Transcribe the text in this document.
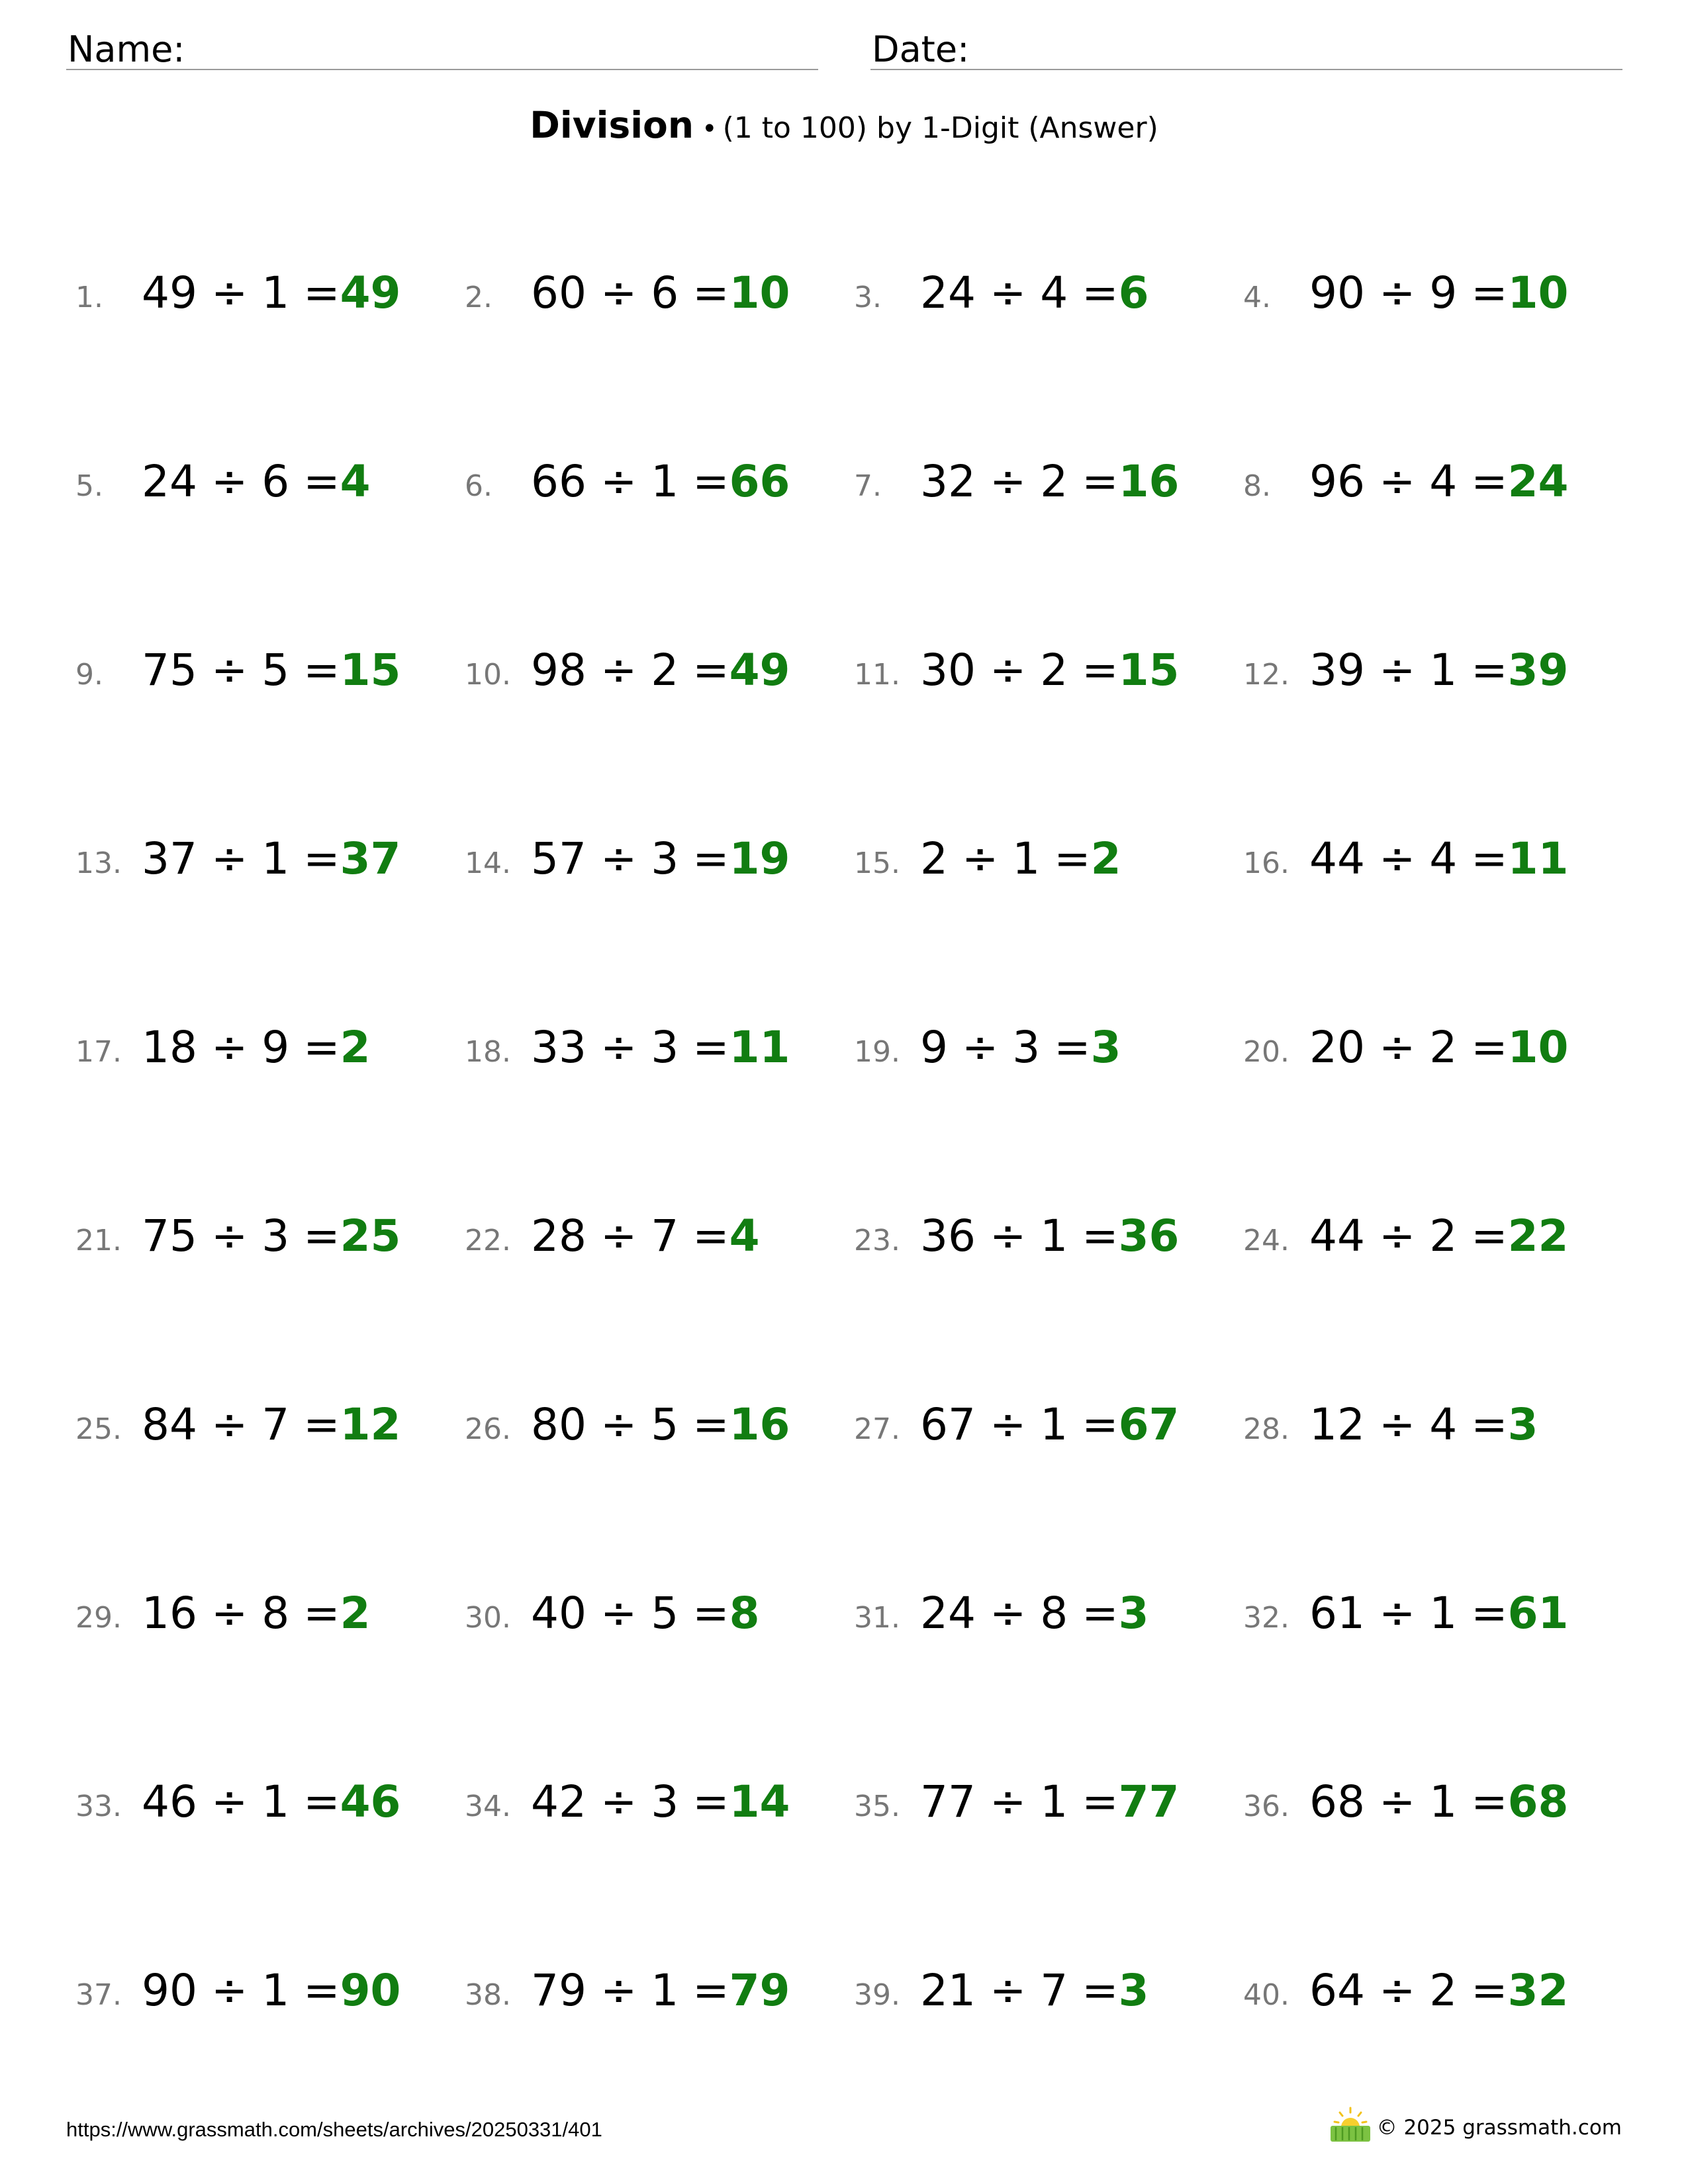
Name:	Date:
Division • (1 to 100) by 1-Digit (Answer)
1. 49 ÷ 1 =49 2. 60 ÷ 6 =10 3. 24 ÷ 4 =6	4. 90 ÷ 9 =10
5. 24 ÷ 6 =4	6. 66 ÷ 1 =66 7. 32 ÷ 2 =16 8. 96 ÷ 4 =24
9. 75 ÷ 5 =15 10. 98 ÷ 2 =49 11. 30 ÷ 2 =15 12. 39 ÷ 1 =39
13. 37 ÷ 1 =37 14. 57 ÷ 3 =19 15. 2 ÷ 1 =2	16. 44 ÷ 4 =11
17. 18 ÷ 9 =2	18. 33 ÷ 3 =11 19. 9 ÷ 3 =3	20. 20 ÷ 2 =10
21. 75 ÷ 3 =25 22. 28 ÷ 7 =4	23. 36 ÷ 1 =36 24. 44 ÷ 2 =22
25. 84 ÷ 7 =12 26. 80 ÷ 5 =16 27. 67 ÷ 1 =67 28. 12 ÷ 4 =3
29. 16 ÷ 8 =2	30. 40 ÷ 5 =8	31. 24 ÷ 8 =3	32. 61 ÷ 1 =61
33. 46 ÷ 1 =46 34. 42 ÷ 3 =14 35. 77 ÷ 1 =77 36. 68 ÷ 1 =68
37. 90 ÷ 1 =90 38. 79 ÷ 1 =79 39. 21 ÷ 7 =3	40. 64 ÷ 2 =32
https://www.grassmath.com/sheets/archives/20250331/401	© 2025 grassmath.com
